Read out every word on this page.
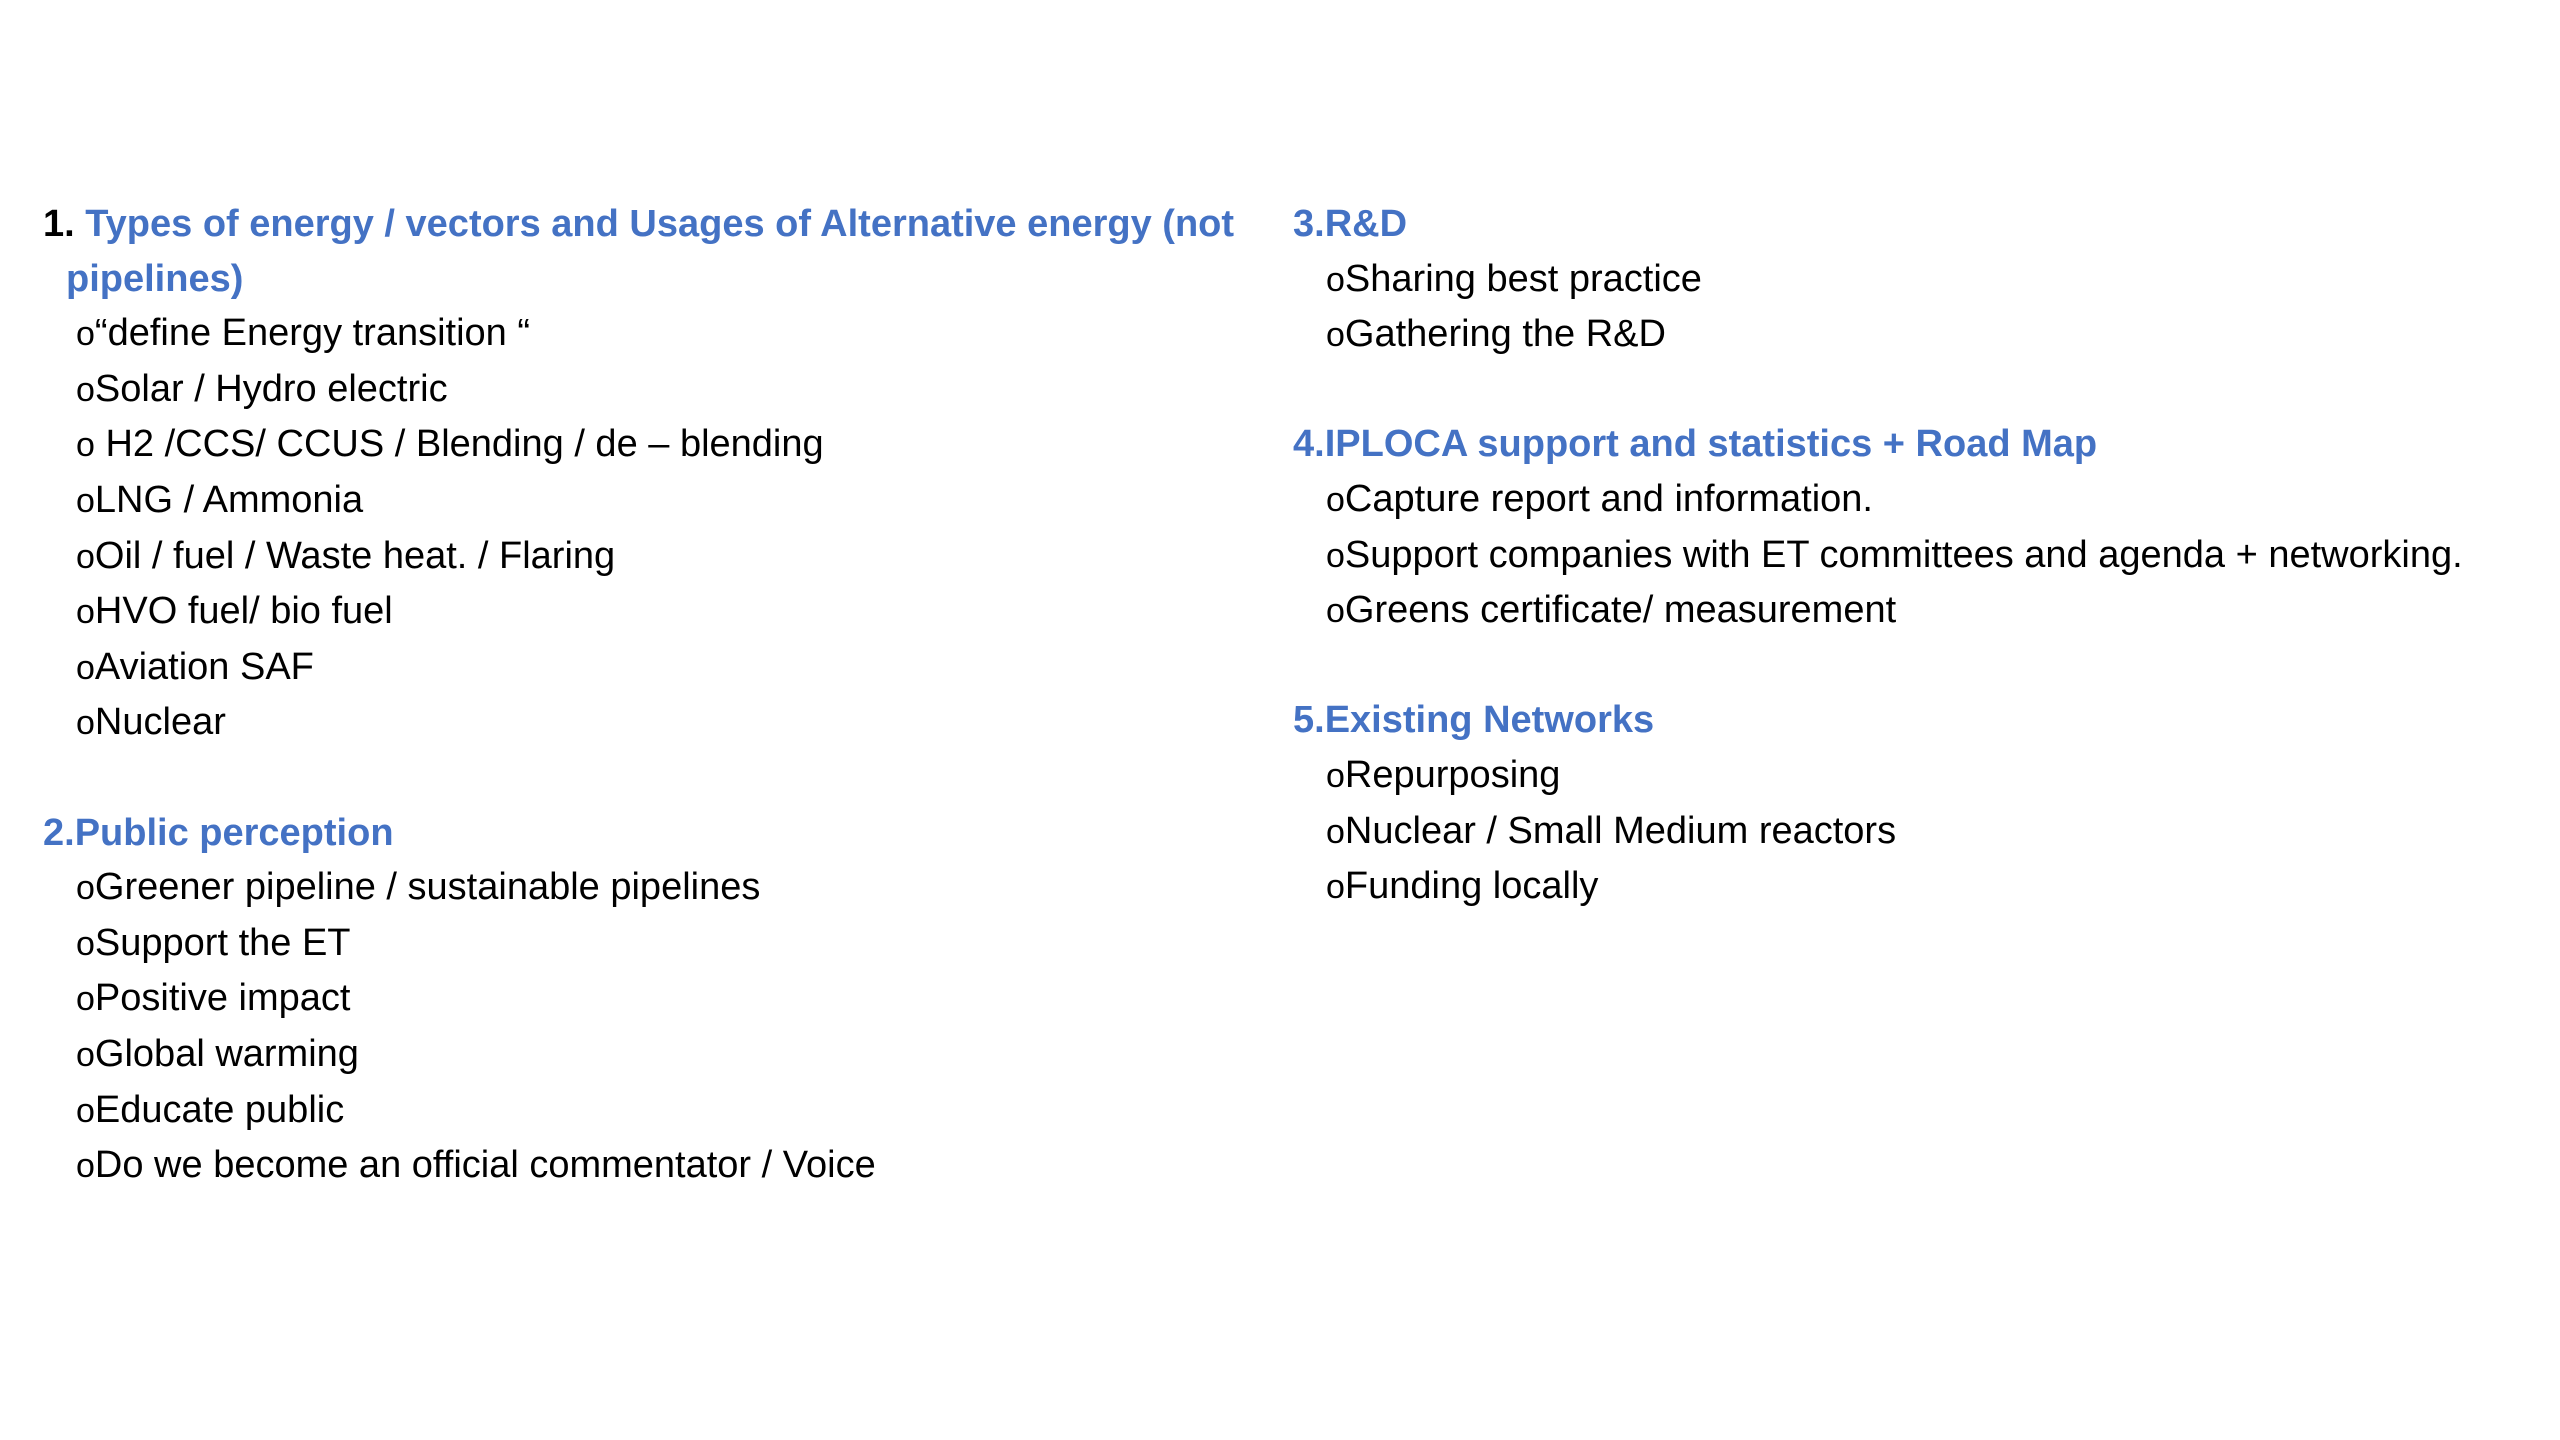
1. Types of energy / vectors and Usages of Alternative energy (not pipelines)
o“define Energy transition “
oSolar / Hydro electric
o H2 /CCS/ CCUS / Blending / de – blending
oLNG / Ammonia
oOil / fuel / Waste heat. / Flaring
oHVO fuel/ bio fuel
oAviation SAF
oNuclear
2.Public perception
oGreener pipeline / sustainable pipelines
oSupport the ET
oPositive impact
oGlobal warming
oEducate public
oDo we become an official commentator / Voice
3.R&D
oSharing best practice
oGathering the R&D
4.IPLOCA support and statistics + Road Map
oCapture report and information.
oSupport companies with ET committees and agenda + networking.
oGreens certificate/ measurement
5.Existing Networks
oRepurposing
oNuclear / Small Medium reactors
oFunding locally
